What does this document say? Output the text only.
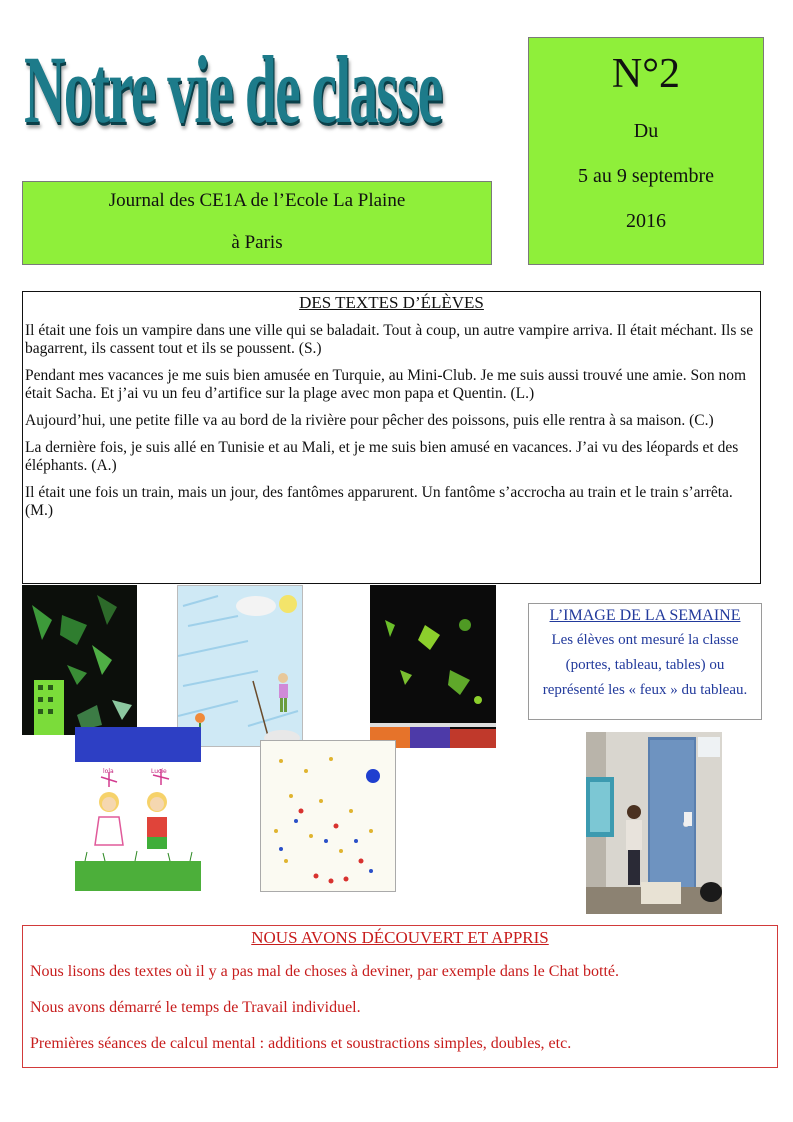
Notre vie de classe
Journal des CE1A de l’Ecole La Plaine
à Paris
N°2
Du
5 au 9 septembre
2016
DES TEXTES D’ÉLÈVES

Il était une fois un vampire dans une ville qui se baladait. Tout à coup, un autre vampire arriva. Il était méchant. Ils se bagarrent, ils cassent tout et ils se poussent. (S.)

Pendant mes vacances je me suis bien amusée en Turquie, au Mini-Club. Je me suis aussi trouvé une amie. Son nom était Sacha. Et j’ai vu un feu d’artifice sur la plage avec mon papa et Quentin. (L.)

Aujourd’hui, une petite fille va au bord de la rivière pour pêcher des poissons, puis elle rentra à sa maison. (C.)

La dernière fois, je suis allé en Tunisie et au Mali, et je me suis bien amusé en vacances. J’ai vu des léopards et des éléphants. (A.)

Il était une fois un train, mais un jour, des fantômes apparurent. Un fantôme s’accrocha au train et le train s’arrêta. (M.)

lola	Lucie
L’IMAGE DE LA SEMAINE
Les élèves ont mesuré la classe
(portes, tableau, tables) ou
représenté les « feux » du tableau.
NOUS AVONS DÉCOUVERT ET APPRIS

Nous lisons des textes où il y a pas mal de choses à deviner, par exemple dans le Chat botté.

Nous avons démarré le temps de Travail individuel.

Premières séances de calcul mental : additions et soustractions simples, doubles, etc.
